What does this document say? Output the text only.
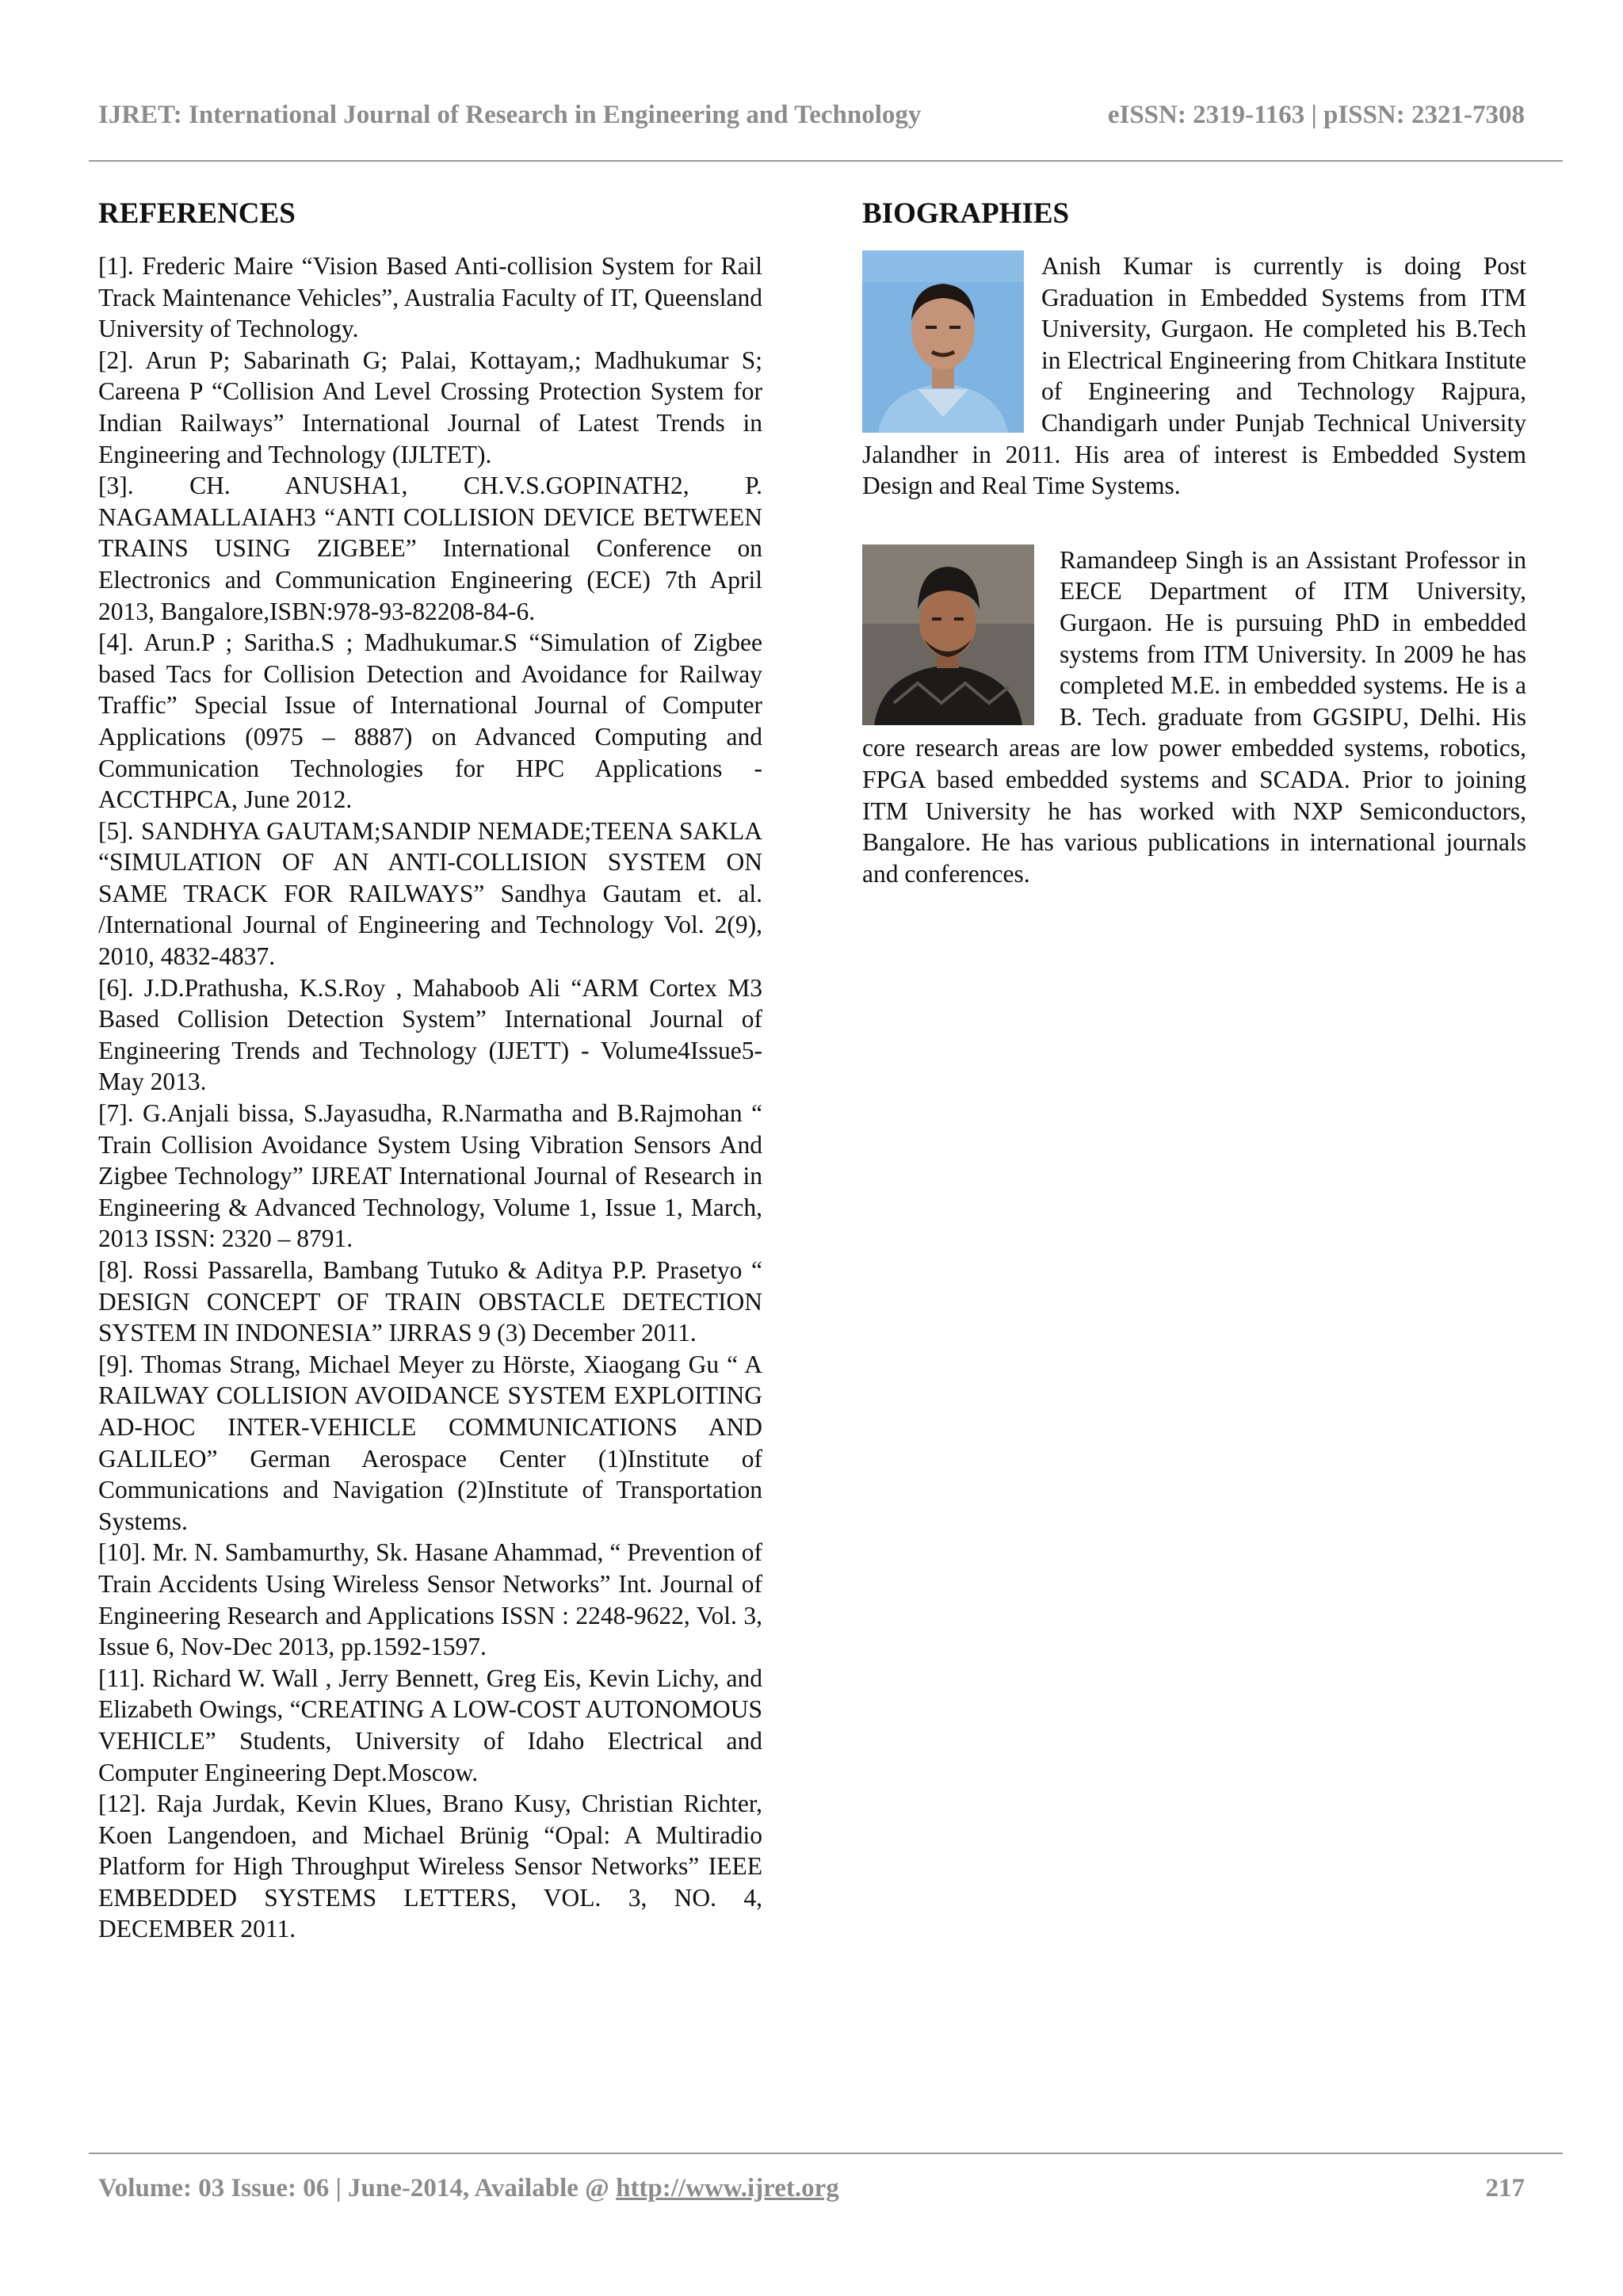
IJRET: International Journal of Research in Engineering and Technology	eISSN: 2319-1163 | pISSN: 2321-7308
REFERENCES

[1]. Frederic Maire “Vision Based Anti-collision System for Rail Track Maintenance Vehicles”, Australia Faculty of IT, Queensland University of Technology.

[2]. Arun P; Sabarinath G; Palai, Kottayam,; Madhukumar S; Careena P “Collision And Level Crossing Protection System for Indian Railways” International Journal of Latest Trends in Engineering and Technology (IJLTET).

[3]. CH. ANUSHA1, CH.V.S.GOPINATH2, P. NAGAMALLAIAH3 “ANTI COLLISION DEVICE BETWEEN TRAINS USING ZIGBEE” International Conference on Electronics and Communication Engineering (ECE) 7th April 2013, Bangalore,ISBN:978-93-82208-84-6.

[4]. Arun.P ; Saritha.S ; Madhukumar.S “Simulation of Zigbee based Tacs for Collision Detection and Avoidance for Railway Traffic” Special Issue of International Journal of Computer Applications (0975 – 8887) on Advanced Computing and Communication Technologies for HPC Applications - ACCTHPCA, June 2012.

[5]. SANDHYA GAUTAM;SANDIP NEMADE;TEENA SAKLA “SIMULATION OF AN ANTI-COLLISION SYSTEM ON SAME TRACK FOR RAILWAYS” Sandhya Gautam et. al. /International Journal of Engineering and Technology Vol. 2(9), 2010, 4832-4837.

[6]. J.D.Prathusha, K.S.Roy , Mahaboob Ali “ARM Cortex M3 Based Collision Detection System” International Journal of Engineering Trends and Technology (IJETT) - Volume4Issue5- May 2013.

[7]. G.Anjali bissa, S.Jayasudha, R.Narmatha and B.Rajmohan “ Train Collision Avoidance System Using Vibration Sensors And Zigbee Technology” IJREAT International Journal of Research in Engineering & Advanced Technology, Volume 1, Issue 1, March, 2013 ISSN: 2320 – 8791.

[8]. Rossi Passarella, Bambang Tutuko & Aditya P.P. Prasetyo “ DESIGN CONCEPT OF TRAIN OBSTACLE DETECTION SYSTEM IN INDONESIA” IJRRAS 9 (3) December 2011.

[9]. Thomas Strang, Michael Meyer zu Hörste, Xiaogang Gu “ A RAILWAY COLLISION AVOIDANCE SYSTEM EXPLOITING AD-HOC INTER-VEHICLE COMMUNICATIONS AND GALILEO” German Aerospace Center (1)Institute of Communications and Navigation (2)Institute of Transportation Systems.

[10]. Mr. N. Sambamurthy, Sk. Hasane Ahammad, “ Prevention of Train Accidents Using Wireless Sensor Networks” Int. Journal of Engineering Research and Applications ISSN : 2248-9622, Vol. 3, Issue 6, Nov-Dec 2013, pp.1592-1597.

[11]. Richard W. Wall , Jerry Bennett, Greg Eis, Kevin Lichy, and Elizabeth Owings, “CREATING A LOW-COST AUTONOMOUS VEHICLE” Students, University of Idaho Electrical and Computer Engineering Dept.Moscow.

[12]. Raja Jurdak, Kevin Klues, Brano Kusy, Christian Richter, Koen Langendoen, and Michael Brünig “Opal: A Multiradio Platform for High Throughput Wireless Sensor Networks” IEEE EMBEDDED SYSTEMS LETTERS, VOL. 3, NO. 4, DECEMBER 2011.

BIOGRAPHIES

Anish Kumar is currently is doing Post Graduation in Embedded Systems from ITM University, Gurgaon. He completed his B.Tech in Electrical Engineering from Chitkara Institute of Engineering and Technology Rajpura, Chandigarh under Punjab Technical University Jalandher in 2011. His area of interest is Embedded System Design and Real Time Systems.

Ramandeep Singh is an Assistant Professor in EECE Department of ITM University, Gurgaon. He is pursuing PhD in embedded systems from ITM University. In 2009 he has completed M.E. in embedded systems. He is a B. Tech. graduate from GGSIPU, Delhi. His core research areas are low power embedded systems, robotics, FPGA based embedded systems and SCADA. Prior to joining ITM University he has worked with NXP Semiconductors, Bangalore. He has various publications in international journals and conferences.

Volume: 03 Issue: 06 | June-2014, Available @ http://www.ijret.org	217
